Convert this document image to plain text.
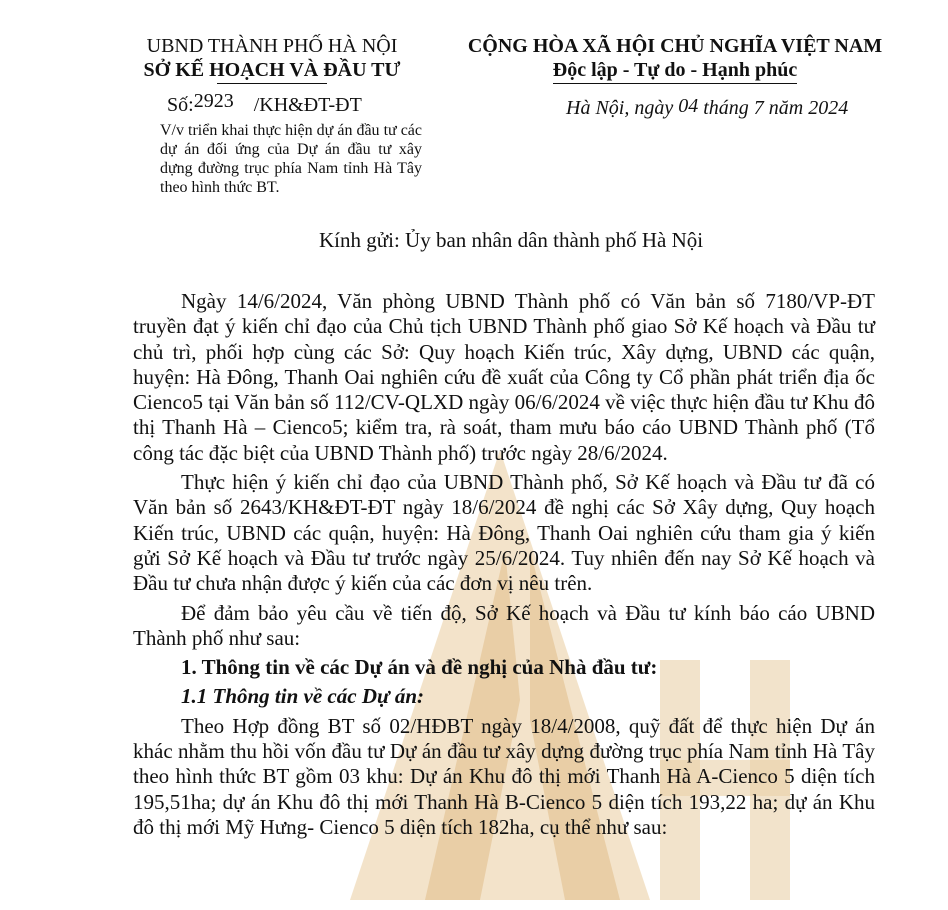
UBND THÀNH PHỐ HÀ NỘI
SỞ KẾ HOẠCH VÀ ĐẦU TƯ
CỘNG HÒA XÃ HỘI CHỦ NGHĨA VIỆT NAM
Độc lập - Tự do - Hạnh phúc
Số:2923 /KH&ĐT-ĐT
V/v triển khai thực hiện dự án đầu tư các dự án đối ứng của Dự án đầu tư xây dựng đường trục phía Nam tỉnh Hà Tây theo hình thức BT.
Hà Nội, ngày 04 tháng 7 năm 2024
Kính gửi: Ủy ban nhân dân thành phố Hà Nội

Ngày 14/6/2024, Văn phòng UBND Thành phố có Văn bản số 7180/VP-ĐT truyền đạt ý kiến chỉ đạo của Chủ tịch UBND Thành phố giao Sở Kế hoạch và Đầu tư chủ trì, phối hợp cùng các Sở: Quy hoạch Kiến trúc, Xây dựng, UBND các quận, huyện: Hà Đông, Thanh Oai nghiên cứu đề xuất của Công ty Cổ phần phát triển địa ốc Cienco5 tại Văn bản số 112/CV-QLXD ngày 06/6/2024 về việc thực hiện đầu tư Khu đô thị Thanh Hà – Cienco5; kiểm tra, rà soát, tham mưu báo cáo UBND Thành phố (Tổ công tác đặc biệt của UBND Thành phố) trước ngày 28/6/2024.

Thực hiện ý kiến chỉ đạo của UBND Thành phố, Sở Kế hoạch và Đầu tư đã có Văn bản số 2643/KH&ĐT-ĐT ngày 18/6/2024 đề nghị các Sở Xây dựng, Quy hoạch Kiến trúc, UBND các quận, huyện: Hà Đông, Thanh Oai nghiên cứu tham gia ý kiến gửi Sở Kế hoạch và Đầu tư trước ngày 25/6/2024. Tuy nhiên đến nay Sở Kế hoạch và Đầu tư chưa nhận được ý kiến của các đơn vị nêu trên.

Để đảm bảo yêu cầu về tiến độ, Sở Kế hoạch và Đầu tư kính báo cáo UBND Thành phố như sau:

1. Thông tin về các Dự án và đề nghị của Nhà đầu tư:

1.1 Thông tin về các Dự án:

Theo Hợp đồng BT số 02/HĐBT ngày 18/4/2008, quỹ đất để thực hiện Dự án khác nhằm thu hồi vốn đầu tư Dự án đầu tư xây dựng đường trục phía Nam tỉnh Hà Tây theo hình thức BT gồm 03 khu: Dự án Khu đô thị mới Thanh Hà A-Cienco 5 diện tích 195,51ha; dự án Khu đô thị mới Thanh Hà B-Cienco 5 diện tích 193,22 ha; dự án Khu đô thị mới Mỹ Hưng- Cienco 5 diện tích 182ha, cụ thể như sau:
